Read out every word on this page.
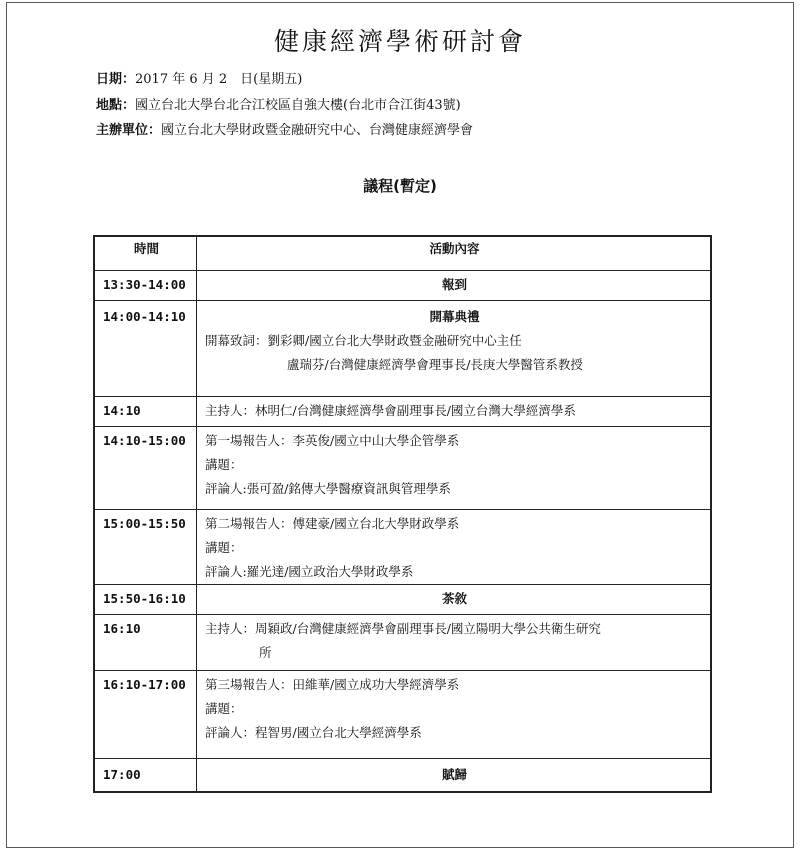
健康經濟學術研討會
日期：2017 年 6 月 2　日(星期五)
地點：國立台北大學台北合江校區自強大樓(台北市合江街43號)
主辦單位：國立台北大學財政暨金融研究中心、台灣健康經濟學會
議程(暫定)
時間	活動內容
13:30-14:00	報到
14:00-14:10	開幕典禮
開幕致詞：劉彩卿/國立台北大學財政暨金融研究中心主任
盧瑞芬/台灣健康經濟學會理事長/長庚大學醫管系教授

14:10	主持人：林明仁/台灣健康經濟學會副理事長/國立台灣大學經濟學系
14:10-15:00	第一場報告人：李英俊/國立中山大學企管學系
講題：
評論人:張可盈/銘傳大學醫療資訊與管理學系

15:00-15:50	第二場報告人：傅建豪/國立台北大學財政學系
講題：
評論人:羅光達/國立政治大學財政學系

15:50-16:10	茶敘
16:10	主持人：周穎政/台灣健康經濟學會副理事長/國立陽明大學公共衛生研究
所

16:10-17:00	第三場報告人：田維華/國立成功大學經濟學系
講題：
評論人：程智男/國立台北大學經濟學系

17:00	賦歸
